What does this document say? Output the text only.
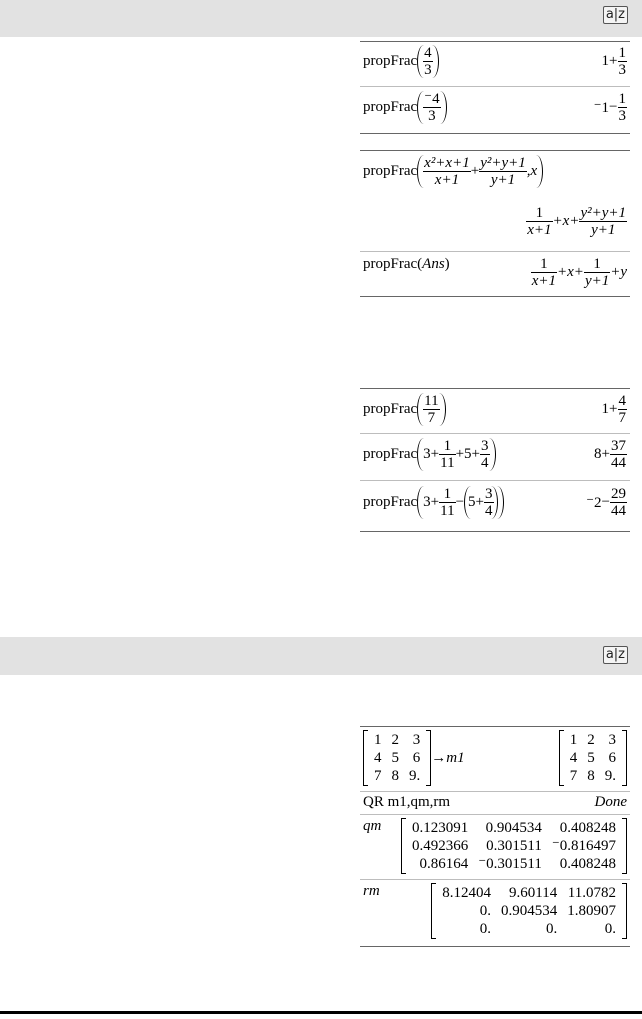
a|z
a|z
propFrac $\frac{4}{3}$	$1+ \frac{1}{3}$
propFrac $\frac{^-4}{3}$	$^-1- \frac{1}{3}$
propFrac $\frac{\text{x²+x+1}}{x+1} + \frac{\text{y²+y+1}}{y+1} ,x$
$\frac{1}{x+1} +x+ \frac{\text{y²+y+1}}{y+1}$
propFrac(Ans)	$\frac{1}{x+1} +x+ \frac{1}{y+1} +y$
propFrac $\frac{11}{7}$	$1+ \frac{4}{7}$
propFrac $3+ \frac{1}{11} +5+ \frac{3}{4}$	$8+ \frac{37}{44}$
propFrac $3+ \frac{1}{11} - 5+ \frac{3}{4}$	$^-2- \frac{29}{44}$
1	2	3
4	5	6
7	8	9.
→m1
1	2	3
4	5	6
7	8	9.
QR m1,qm,rm	Done
qm 0.123091	0.904534	0.408248
0.492366	0.301511	⁻0.816497
0.86164	⁻0.301511	0.408248
rm	8.12404	9.60114	11.0782
0.	0.904534	1.80907
0.	0.	0.
